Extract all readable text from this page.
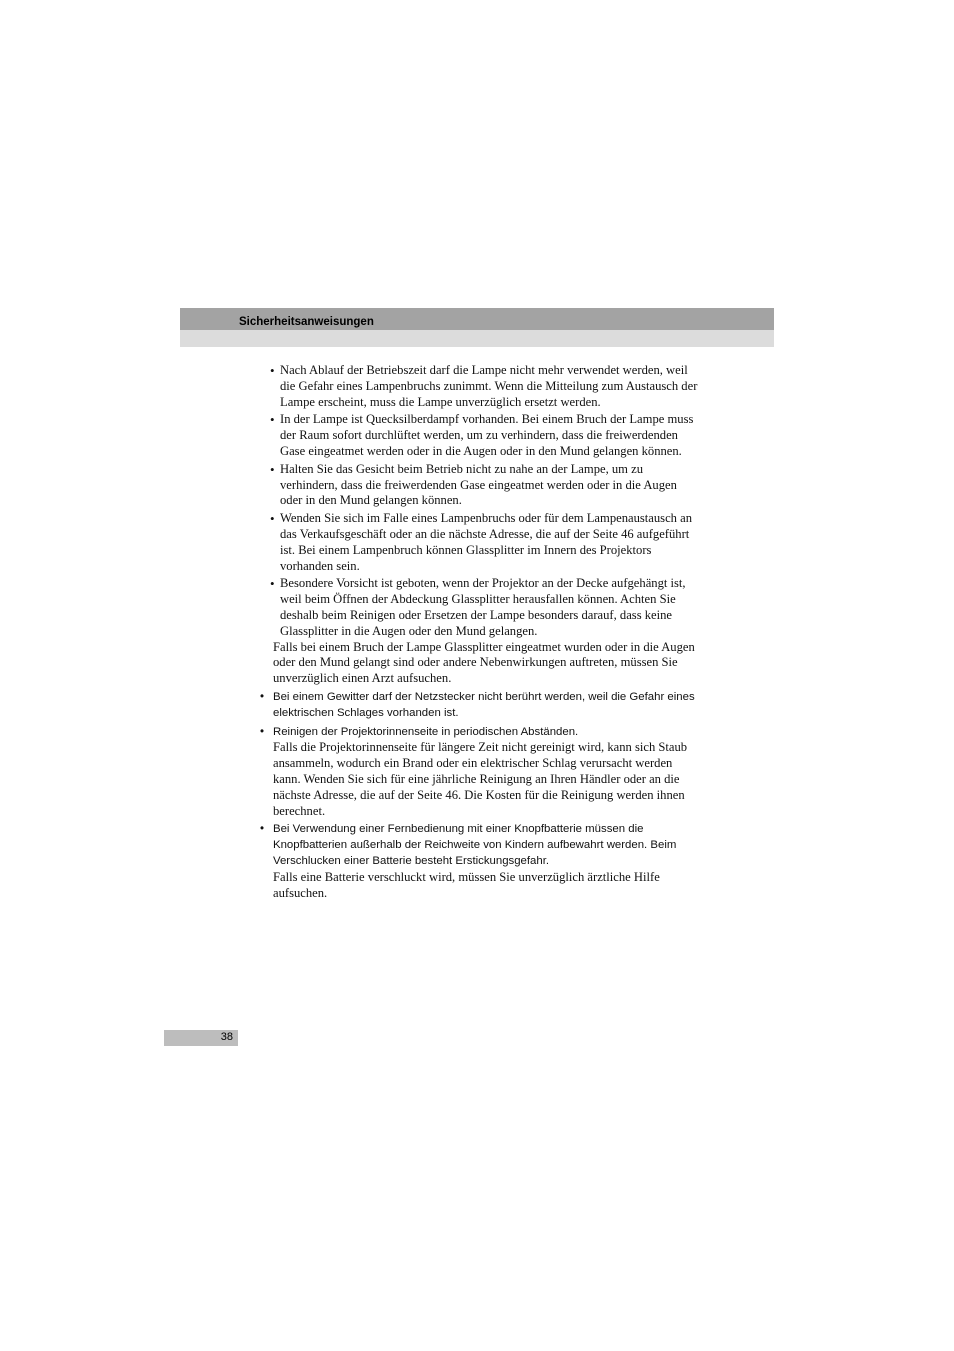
Sicherheitsanweisungen
• Nach Ablauf der Betriebszeit darf die Lampe nicht mehr verwendet werden, weil die Gefahr eines Lampenbruchs zunimmt. Wenn die Mitteilung zum Austausch der Lampe erscheint, muss die Lampe unverzüglich ersetzt werden.

• In der Lampe ist Quecksilberdampf vorhanden. Bei einem Bruch der Lampe muss der Raum sofort durchlüftet werden, um zu verhindern, dass die freiwerdenden Gase eingeatmet werden oder in die Augen oder in den Mund gelangen können.

• Halten Sie das Gesicht beim Betrieb nicht zu nahe an der Lampe, um zu verhindern, dass die freiwerdenden Gase eingeatmet werden oder in die Augen oder in den Mund gelangen können.

• Wenden Sie sich im Falle eines Lampenbruchs oder für dem Lampenaustausch an das Verkaufsgeschäft oder an die nächste Adresse, die auf der Seite 46 aufgeführt ist. Bei einem Lampenbruch können Glassplitter im Innern des Projektors vorhanden sein.

• Besondere Vorsicht ist geboten, wenn der Projektor an der Decke aufgehängt ist, weil beim Öffnen der Abdeckung Glassplitter herausfallen können. Achten Sie deshalb beim Reinigen oder Ersetzen der Lampe besonders darauf, dass keine Glassplitter in die Augen oder den Mund gelangen.

Falls bei einem Bruch der Lampe Glassplitter eingeatmet wurden oder in die Augen oder den Mund gelangt sind oder andere Nebenwirkungen auftreten, müssen Sie unverzüglich einen Arzt aufsuchen.

• Bei einem Gewitter darf der Netzstecker nicht berührt werden, weil die Gefahr eines elektrischen Schlages vorhanden ist.

• Reinigen der Projektorinnenseite in periodischen Abständen.

Falls die Projektorinnenseite für längere Zeit nicht gereinigt wird, kann sich Staub ansammeln, wodurch ein Brand oder ein elektrischer Schlag verursacht werden kann. Wenden Sie sich für eine jährliche Reinigung an Ihren Händler oder an die nächste Adresse, die auf der Seite 46. Die Kosten für die Reinigung werden ihnen berechnet.

• Bei Verwendung einer Fernbedienung mit einer Knopfbatterie müssen die Knopfbatterien außerhalb der Reichweite von Kindern aufbewahrt werden. Beim Verschlucken einer Batterie besteht Erstickungsgefahr.

Falls eine Batterie verschluckt wird, müssen Sie unverzüglich ärztliche Hilfe aufsuchen.

38
